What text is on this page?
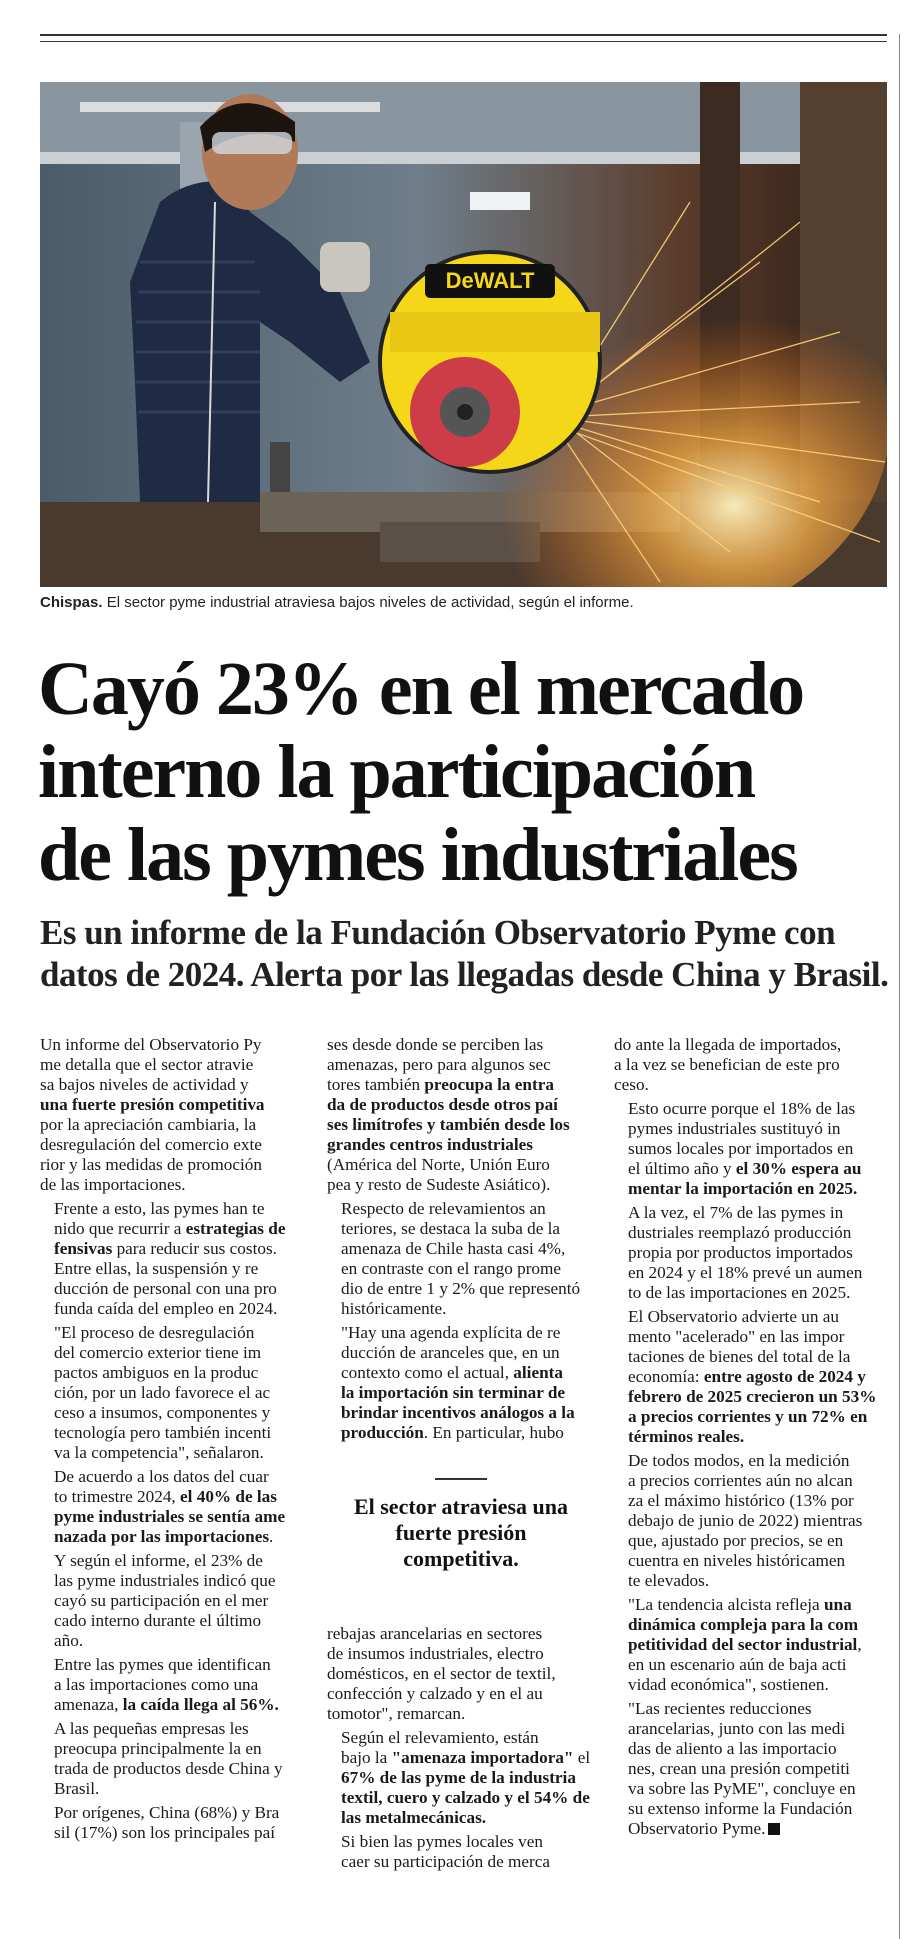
DeWALT
Chispas. El sector pyme industrial atraviesa bajos niveles de actividad, según el informe.
Cayó 23% en el mercado
interno la participación
de las pymes industriales
Es un informe de la Fundación Observatorio Pyme con
datos de 2024. Alerta por las llegadas desde China y Brasil.

Un informe del Observatorio Py
me detalla que el sector atravie
sa bajos niveles de actividad y
una fuerte presión competitiva
por la apreciación cambiaria, la
desregulación del comercio exte
rior y las medidas de promoción
de las importaciones.

Frente a esto, las pymes han te
nido que recurrir a estrategias de
fensivas para reducir sus costos.
Entre ellas, la suspensión y re
ducción de personal con una pro
funda caída del empleo en 2024.

"El proceso de desregulación
del comercio exterior tiene im
pactos ambiguos en la produc
ción, por un lado favorece el ac
ceso a insumos, componentes y
tecnología pero también incenti
va la competencia", señalaron.

De acuerdo a los datos del cuar
to trimestre 2024, el 40% de las
pyme industriales se sentía ame
nazada por las importaciones.

Y según el informe, el 23% de
las pyme industriales indicó que
cayó su participación en el mer
cado interno durante el último
año.

Entre las pymes que identifican
a las importaciones como una
amenaza, la caída llega al 56%.

A las pequeñas empresas les
preocupa principalmente la en
trada de productos desde China y
Brasil.

Por orígenes, China (68%) y Bra
sil (17%) son los principales paí

ses desde donde se perciben las
amenazas, pero para algunos sec
tores también preocupa la entra
da de productos desde otros paí
ses limítrofes y también desde los
grandes centros industriales
(América del Norte, Unión Euro
pea y resto de Sudeste Asiático).

Respecto de relevamientos an
teriores, se destaca la suba de la
amenaza de Chile hasta casi 4%,
en contraste con el rango prome
dio de entre 1 y 2% que representó
históricamente.

"Hay una agenda explícita de re
ducción de aranceles que, en un
contexto como el actual, alienta
la importación sin terminar de
brindar incentivos análogos a la
producción. En particular, hubo

El sector atraviesa una
fuerte presión
competitiva.

rebajas arancelarias en sectores
de insumos industriales, electro
domésticos, en el sector de textil,
confección y calzado y en el au
tomotor", remarcan.

Según el relevamiento, están
bajo la "amenaza importadora" el
67% de las pyme de la industria
textil, cuero y calzado y el 54% de
las metalmecánicas.

Si bien las pymes locales ven
caer su participación de merca

do ante la llegada de importados,
a la vez se benefician de este pro
ceso.

Esto ocurre porque el 18% de las
pymes industriales sustituyó in
sumos locales por importados en
el último año y el 30% espera au
mentar la importación en 2025.

A la vez, el 7% de las pymes in
dustriales reemplazó producción
propia por productos importados
en 2024 y el 18% prevé un aumen
to de las importaciones en 2025.

El Observatorio advierte un au
mento "acelerado" en las impor
taciones de bienes del total de la
economía: entre agosto de 2024 y
febrero de 2025 crecieron un 53%
a precios corrientes y un 72% en
términos reales.

De todos modos, en la medición
a precios corrientes aún no alcan
za el máximo histórico (13% por
debajo de junio de 2022) mientras
que, ajustado por precios, se en
cuentra en niveles históricamen
te elevados.

"La tendencia alcista refleja una
dinámica compleja para la com
petitividad del sector industrial,
en un escenario aún de baja acti
vidad económica", sostienen.

"Las recientes reducciones
arancelarias, junto con las medi
das de aliento a las importacio
nes, crean una presión competiti
va sobre las PyME", concluye en
su extenso informe la Fundación
Observatorio Pyme.
